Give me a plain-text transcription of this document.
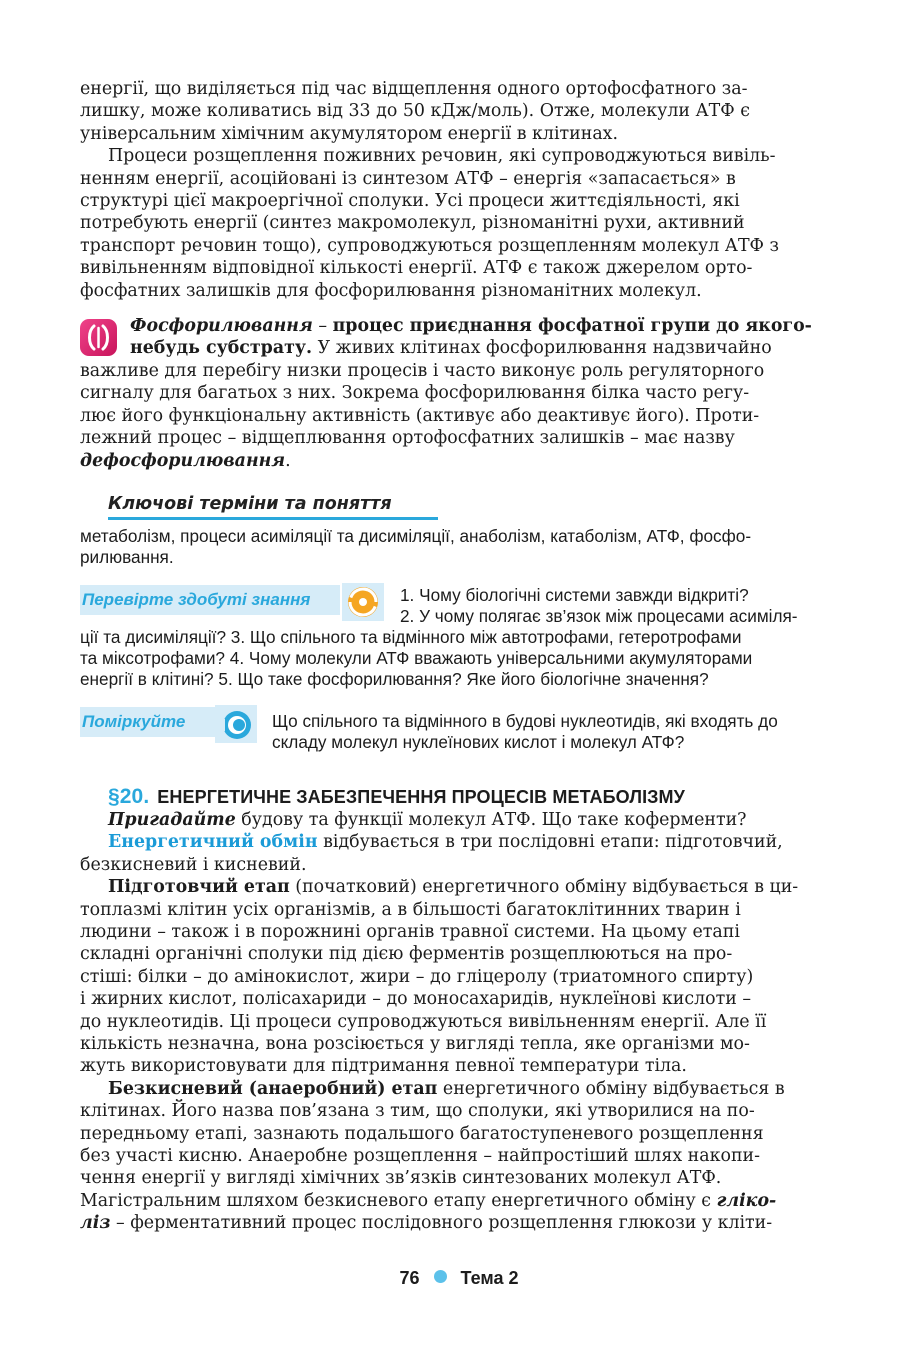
енергії, що виділяється під час відщеплення одного ортофосфатного за-
лишку, може коливатись від 33 до 50 кДж/моль). Отже, молекули АТФ є
універсальним хімічним акумулятором енергії в клітинах.

Процеси розщеплення поживних речовин, які супроводжуються вивіль-
ненням енергії, асоційовані із синтезом АТФ – енергія «запасається» в
структурі цієї макроергічної сполуки. Усі процеси життєдіяльності, які
потребують енергії (синтез макромолекул, різноманітні рухи, активний
транспорт речовин тощо), супроводжуються розщепленням молекул АТФ з
вивільненням відповідної кількості енергії. АТФ є також джерелом орто-
фосфатних залишків для фосфорилювання різноманітних молекул.

Фосфорилювання – процес приєднання фосфатної групи до якого-
небудь субстрату. У живих клітинах фосфорилювання надзвичайно
важливе для перебігу низки процесів і часто виконує роль регуляторного
сигналу для багатьох з них. Зокрема фосфорилювання білка часто регу-
лює його функціональну активність (активує або деактивує його). Проти-
лежний процес – відщеплювання ортофосфатних залишків – має назву
дефосфорилювання.

Ключові терміни та поняття

метаболізм, процеси асиміляції та дисиміляції, анаболізм, катаболізм, АТФ, фосфо-
рилювання.

Перевірте здобуті знання	1. Чому біологічні системи завжди відкриті?
2. У чому полягає зв’язок між процесами асиміля-
ції та дисиміляції? 3. Що спільного та відмінного між автотрофами, гетеротрофами
та міксотрофами? 4. Чому молекули АТФ вважають універсальними акумуляторами
енергії в клітині? 5. Що таке фосфорилювання? Яке його біологічне значення?

Поміркуйте	Що спільного та відмінного в будові нуклеотидів, які входять до
складу молекул нуклеїнових кислот і молекул АТФ?

§20. ЕНЕРГЕТИЧНЕ ЗАБЕЗПЕЧЕННЯ ПРОЦЕСІВ МЕТАБОЛІЗМУ

Пригадайте будову та функції молекул АТФ. Що таке коферменти?

Енергетичний обмін відбувається в три послідовні етапи: підготовчий,
безкисневий і кисневий.

Підготовчий етап (початковий) енергетичного обміну відбувається в ци-
топлазмі клітин усіх організмів, а в більшості багатоклітинних тварин і
людини – також і в порожнині органів травної системи. На цьому етапі
складні органічні сполуки під дією ферментів розщеплюються на про-
стіші: білки – до амінокислот, жири – до гліцеролу (триатомного спирту)
і жирних кислот, полісахариди – до моносахаридів, нуклеїнові кислоти –
до нуклеотидів. Ці процеси супроводжуються вивільненням енергії. Але її
кількість незначна, вона розсіюється у вигляді тепла, яке організми мо-
жуть використовувати для підтримання певної температури тіла.

Безкисневий (анаеробний) етап енергетичного обміну відбувається в
клітинах. Його назва пов’язана з тим, що сполуки, які утворилися на по-
передньому етапі, зазнають подальшого багатоступеневого розщеплення
без участі кисню. Анаеробне розщеплення – найпростіший шлях накопи-
чення енергії у вигляді хімічних зв’язків синтезованих молекул АТФ.
Магістральним шляхом безкисневого етапу енергетичного обміну є гліко-
ліз – ферментативний процес послідовного розщеплення глюкози у кліти-

76 Тема 2
